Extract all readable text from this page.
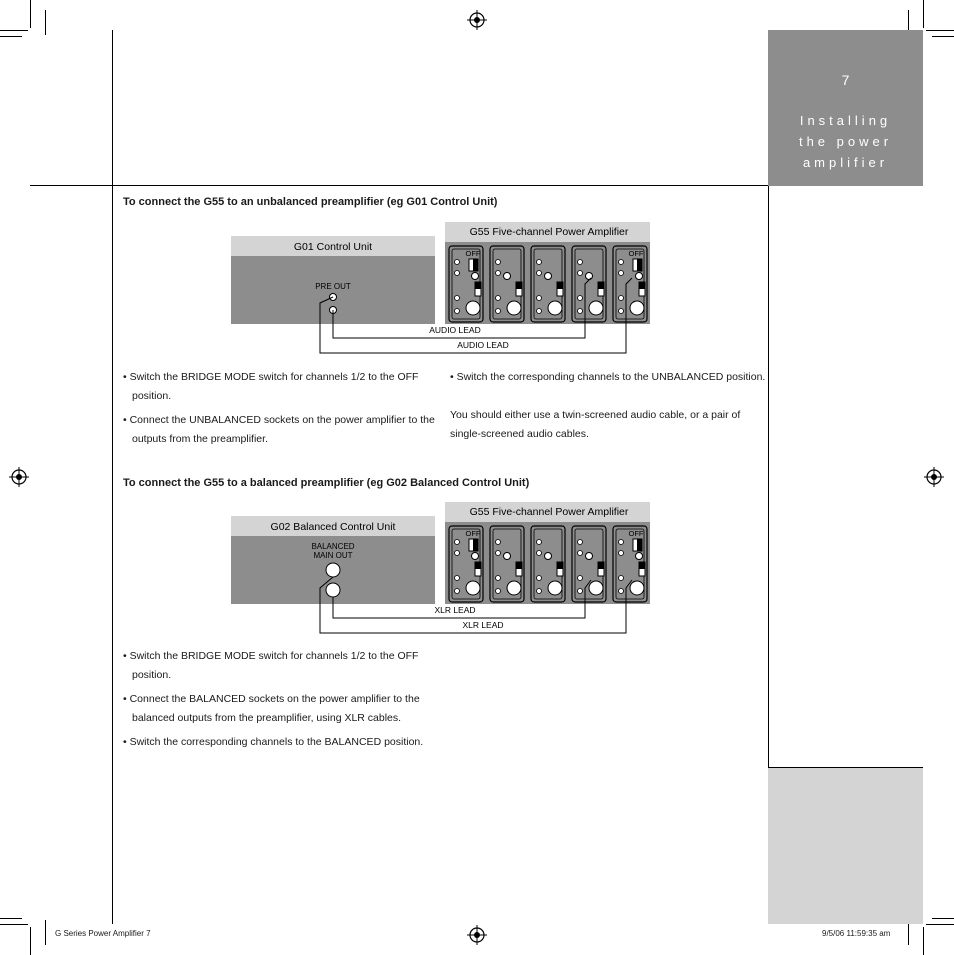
7
Installing
the power
amplifier
To connect the G55 to an unbalanced preamplifier (eg G01 Control Unit)
G01 Control Unit
PRE OUT
G55 Five-channel Power Amplifier
AUDIO LEAD
AUDIO LEAD
OFF	OFF
• Switch the BRIDGE MODE switch for channels 1/2 to the OFF position.
• Connect the UNBALANCED sockets on the power amplifier to the outputs from the preamplifier.
• Switch the corresponding channels to the UNBALANCED position.
You should either use a twin-screened audio cable, or a pair of single-screened audio cables.
To connect the G55 to a balanced preamplifier (eg G02 Balanced Control Unit)
G02 Balanced Control Unit
BALANCED
MAIN OUT
G55 Five-channel Power Amplifier
XLR LEAD
XLR LEAD
OFF	OFF
• Switch the BRIDGE MODE switch for channels 1/2 to the OFF position.
• Connect the BALANCED sockets on the power amplifier to the balanced outputs from the preamplifier, using XLR cables.
• Switch the corresponding channels to the BALANCED position.
G Series Power Amplifier 7	9/5/06 11:59:35 am
